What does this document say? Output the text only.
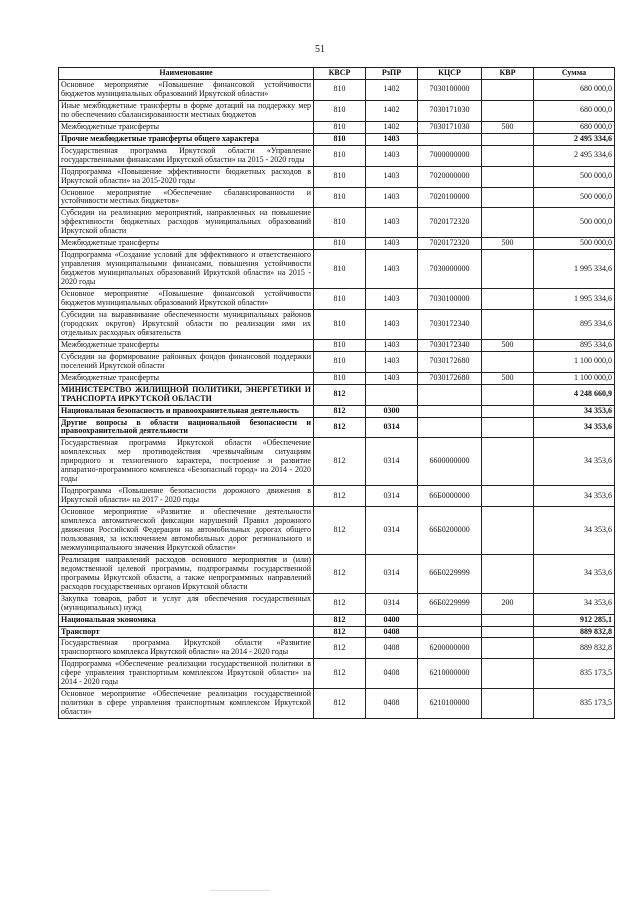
51
Наименование	КВСР	РзПР	КЦСР	КВР	Сумма
Основное мероприятие «Повышение финансовой устойчивости бюджетов муниципальных образований Иркутской области»	810	1402	7030100000		680 000,0
Иные межбюджетные трансферты в форме дотаций на поддержку мер по обеспечению сбалансированности местных бюджетов	810	1402	7030171030		680 000,0
Межбюджетные трансферты	810	1402	7030171030	500	680 000,0
Прочие межбюджетные трансферты общего характера	810	1403			2 495 334,6
Государственная программа Иркутской области «Управление государственными финансами Иркутской области» на 2015 - 2020 годы	810	1403	7000000000		2 495 334,6
Подпрограмма «Повышение эффективности бюджетных расходов в Иркутской области» на 2015-2020 годы	810	1403	7020000000		500 000,0
Основное мероприятие «Обеспечение сбалансированности и устойчивости местных бюджетов»	810	1403	7020100000		500 000,0
Субсидии на реализацию мероприятий, направленных на повышение эффективности бюджетных расходов муниципальных образований Иркутской области	810	1403	7020172320		500 000,0
Межбюджетные трансферты	810	1403	7020172320	500	500 000,0
Подпрограмма «Создание условий для эффективного и ответственного управления муниципальными финансами, повышения устойчивости бюджетов муниципальных образований Иркутской области» на 2015 - 2020 годы	810	1403	7030000000		1 995 334,6
Основное мероприятие «Повышение финансовой устойчивости бюджетов муниципальных образований Иркутской области»	810	1403	7030100000		1 995 334,6
Субсидии на выравнивание обеспеченности муниципальных районов (городских округов) Иркутской области по реализации ими их отдельных расходных обязательств	810	1403	7030172340		895 334,6
Межбюджетные трансферты	810	1403	7030172340	500	895 334,6
Субсидии на формирование районных фондов финансовой поддержки поселений Иркутской области	810	1403	7030172680		1 100 000,0
Межбюджетные трансферты	810	1403	7030172680	500	1 100 000,0
МИНИСТЕРСТВО ЖИЛИЩНОЙ ПОЛИТИКИ, ЭНЕРГЕТИКИ И ТРАНСПОРТА ИРКУТСКОЙ ОБЛАСТИ	812				4 248 660,9
Национальная безопасность и правоохранительная деятельность	812	0300			34 353,6
Другие вопросы в области национальной безопасности и правоохранительной деятельности	812	0314			34 353,6
Государственная программа Иркутской области «Обеспечение комплексных мер противодействия чрезвычайным ситуациям природного и техногенного характера, построение и развитие аппаратно-программного комплекса «Безопасный город» на 2014 - 2020 годы	812	0314	6600000000		34 353,6
Подпрограмма «Повышение безопасности дорожного движения в Иркутской области» на 2017 - 2020 годы	812	0314	66Б0000000		34 353,6
Основное мероприятие «Развитие и обеспечение деятельности комплекса автоматической фиксации нарушений Правил дорожного движения Российской Федерации на автомобильных дорогах общего пользования, за исключением автомобильных дорог регионального и межмуниципального значения Иркутской области»	812	0314	66Б0200000		34 353,6
Реализация направлений расходов основного мероприятия и (или) ведомственной целевой программы, подпрограммы государственной программы Иркутской области, а также непрограммных направлений расходов государственных органов Иркутской области	812	0314	66Б0229999		34 353,6
Закупка товаров, работ и услуг для обеспечения государственных (муниципальных) нужд	812	0314	66Б0229999	200	34 353,6
Национальная экономика	812	0400			912 285,1
Транспорт	812	0408			889 832,8
Государственная программа Иркутской области «Развитие транспортного комплекса Иркутской области» на 2014 - 2020 годы	812	0408	6200000000		889 832,8
Подпрограмма «Обеспечение реализации государственной политики в сфере управления транспортным комплексом Иркутской области» на 2014 - 2020 годы	812	0408	6210000000		835 173,5
Основное мероприятие «Обеспечение реализации государственной политики в сфере управления транспортным комплексом Иркутской области»	812	0408	6210100000		835 173,5
